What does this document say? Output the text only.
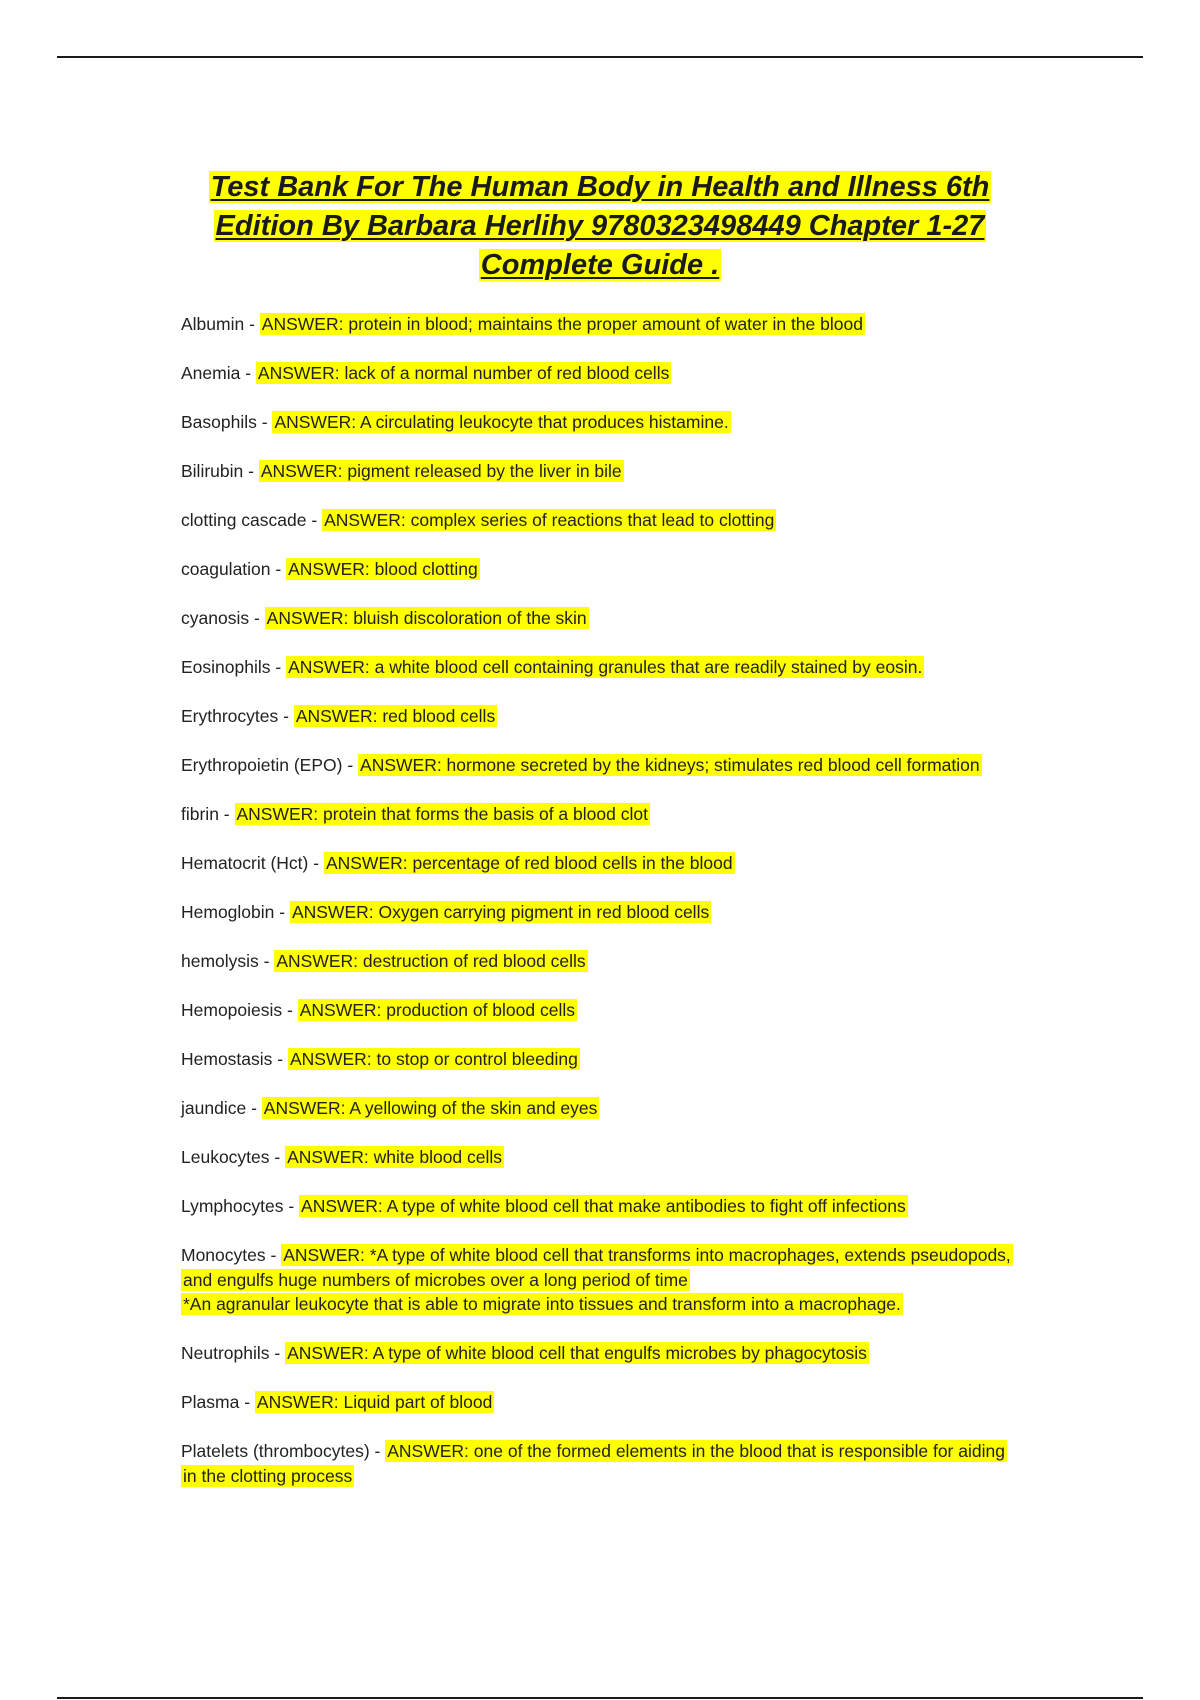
Test Bank For The Human Body in Health and Illness 6th Edition By Barbara Herlihy 9780323498449 Chapter 1-27 Complete Guide .
Albumin - ANSWER: protein in blood; maintains the proper amount of water in the blood
Anemia - ANSWER: lack of a normal number of red blood cells
Basophils - ANSWER: A circulating leukocyte that produces histamine.
Bilirubin - ANSWER: pigment released by the liver in bile
clotting cascade - ANSWER: complex series of reactions that lead to clotting
coagulation - ANSWER: blood clotting
cyanosis - ANSWER: bluish discoloration of the skin
Eosinophils - ANSWER: a white blood cell containing granules that are readily stained by eosin.
Erythrocytes - ANSWER: red blood cells
Erythropoietin (EPO) - ANSWER: hormone secreted by the kidneys; stimulates red blood cell formation
fibrin - ANSWER: protein that forms the basis of a blood clot
Hematocrit (Hct) - ANSWER: percentage of red blood cells in the blood
Hemoglobin - ANSWER: Oxygen carrying pigment in red blood cells
hemolysis - ANSWER: destruction of red blood cells
Hemopoiesis - ANSWER: production of blood cells
Hemostasis - ANSWER: to stop or control bleeding
jaundice - ANSWER: A yellowing of the skin and eyes
Leukocytes - ANSWER: white blood cells
Lymphocytes - ANSWER: A type of white blood cell that make antibodies to fight off infections
Monocytes - ANSWER: *A type of white blood cell that transforms into macrophages, extends pseudopods, and engulfs huge numbers of microbes over a long period of time
*An agranular leukocyte that is able to migrate into tissues and transform into a macrophage.
Neutrophils - ANSWER: A type of white blood cell that engulfs microbes by phagocytosis
Plasma - ANSWER: Liquid part of blood
Platelets (thrombocytes) - ANSWER: one of the formed elements in the blood that is responsible for aiding in the clotting process
